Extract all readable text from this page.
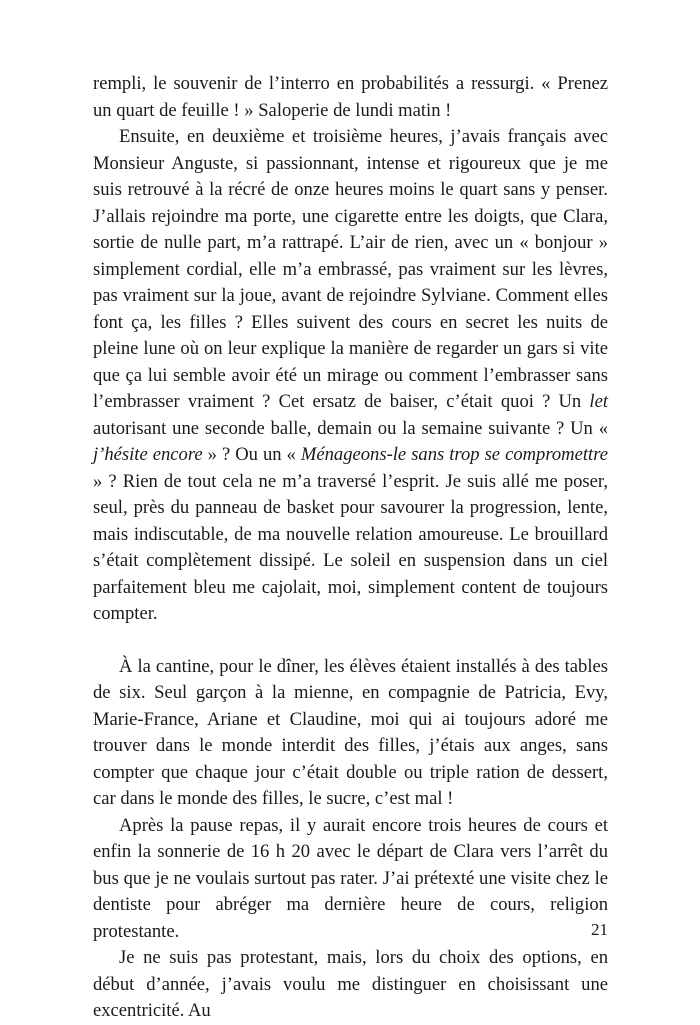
rempli, le souvenir de l’interro en probabilités a ressurgi. « Prenez un quart de feuille ! » Saloperie de lundi matin !

Ensuite, en deuxième et troisième heures, j’avais français avec Monsieur Anguste, si passionnant, intense et rigoureux que je me suis retrouvé à la récré de onze heures moins le quart sans y penser. J’allais rejoindre ma porte, une cigarette entre les doigts, que Clara, sortie de nulle part, m’a rattrapé. L’air de rien, avec un « bonjour » simplement cordial, elle m’a embrassé, pas vraiment sur les lèvres, pas vraiment sur la joue, avant de rejoindre Sylviane. Comment elles font ça, les filles ? Elles suivent des cours en secret les nuits de pleine lune où on leur explique la manière de regarder un gars si vite que ça lui semble avoir été un mirage ou comment l’embrasser sans l’embrasser vraiment ? Cet ersatz de baiser, c’était quoi ? Un let autorisant une seconde balle, demain ou la semaine suivante ? Un « j’hésite encore » ? Ou un « Ménageons-le sans trop se compromettre » ? Rien de tout cela ne m’a traversé l’esprit. Je suis allé me poser, seul, près du panneau de basket pour savourer la progression, lente, mais indiscutable, de ma nouvelle relation amoureuse. Le brouillard s’était complètement dissipé. Le soleil en suspension dans un ciel parfaitement bleu me cajolait, moi, simplement content de toujours compter.

À la cantine, pour le dîner, les élèves étaient installés à des tables de six. Seul garçon à la mienne, en compagnie de Patricia, Evy, Marie-France, Ariane et Claudine, moi qui ai toujours adoré me trouver dans le monde interdit des filles, j’étais aux anges, sans compter que chaque jour c’était double ou triple ration de dessert, car dans le monde des filles, le sucre, c’est mal !

Après la pause repas, il y aurait encore trois heures de cours et enfin la sonnerie de 16 h 20 avec le départ de Clara vers l’arrêt du bus que je ne voulais surtout pas rater. J’ai prétexté une visite chez le dentiste pour abréger ma dernière heure de cours, religion protestante.

Je ne suis pas protestant, mais, lors du choix des options, en début d’année, j’avais voulu me distinguer en choisissant une excentricité. Au

21
